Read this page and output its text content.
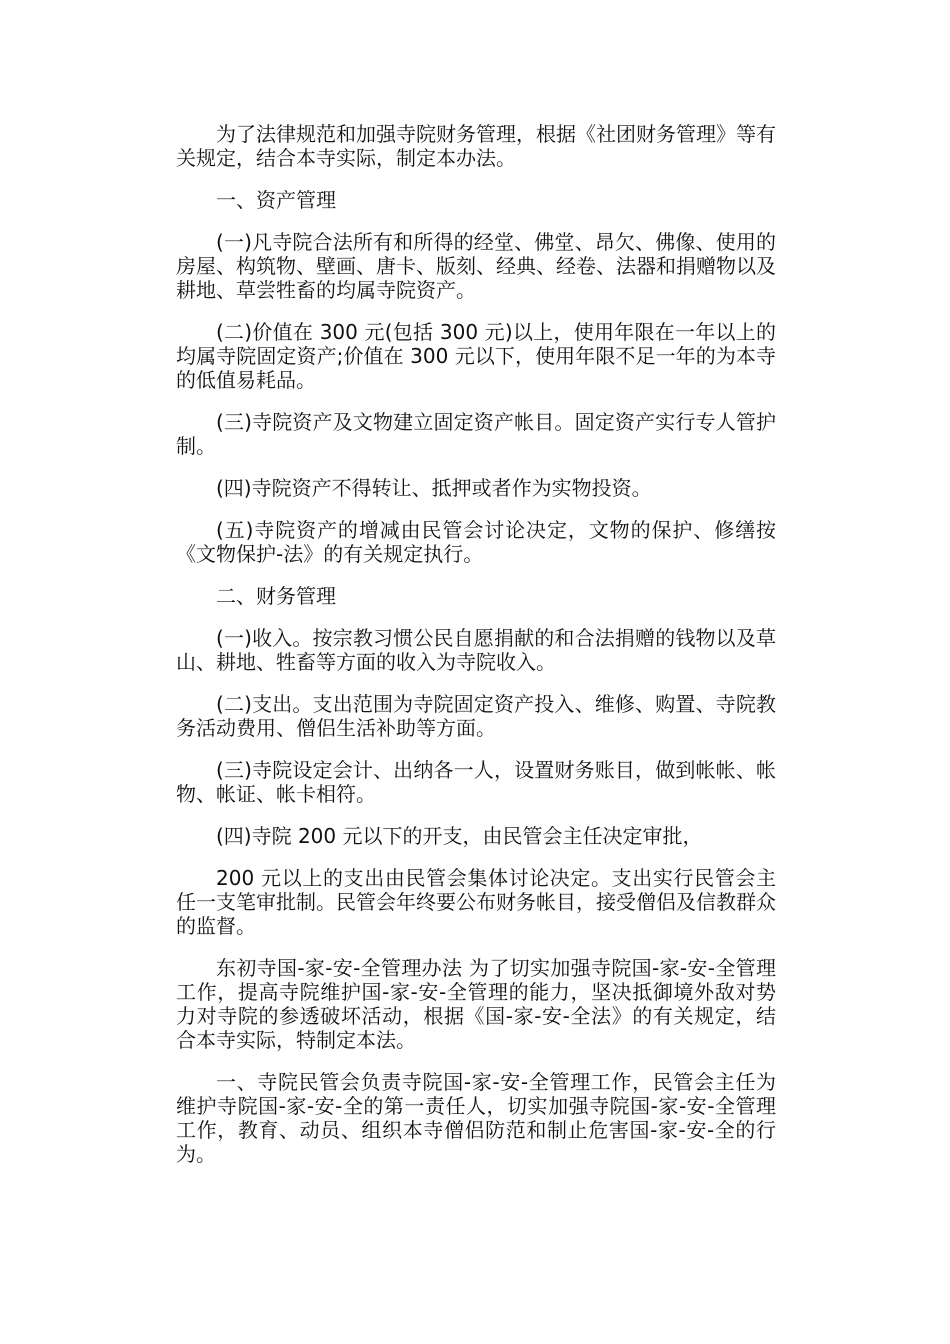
为了法律规范和加强寺院财务管理，根据《社团财务管理》等有关规定，结合本寺实际，制定本办法。

一、资产管理

(一)凡寺院合法所有和所得的经堂、佛堂、昂欠、佛像、使用的房屋、构筑物、壁画、唐卡、版刻、经典、经卷、法器和捐赠物以及耕地、草尝牲畜的均属寺院资产。

(二)价值在 300 元(包括 300 元)以上，使用年限在一年以上的均属寺院固定资产;价值在 300 元以下，使用年限不足一年的为本寺的低值易耗品。

(三)寺院资产及文物建立固定资产帐目。固定资产实行专人管护制。

(四)寺院资产不得转让、抵押或者作为实物投资。

(五)寺院资产的增减由民管会讨论决定，文物的保护、修缮按《文物保护-法》的有关规定执行。

二、财务管理

(一)收入。按宗教习惯公民自愿捐献的和合法捐赠的钱物以及草山、耕地、牲畜等方面的收入为寺院收入。

(二)支出。支出范围为寺院固定资产投入、维修、购置、寺院教务活动费用、僧侣生活补助等方面。

(三)寺院设定会计、出纳各一人，设置财务账目，做到帐帐、帐物、帐证、帐卡相符。

(四)寺院 200 元以下的开支，由民管会主任决定审批，

200 元以上的支出由民管会集体讨论决定。支出实行民管会主任一支笔审批制。民管会年终要公布财务帐目，接受僧侣及信教群众的监督。

东初寺国-家-安-全管理办法 为了切实加强寺院国-家-安-全管理工作，提高寺院维护国-家-安-全管理的能力，坚决抵御境外敌对势力对寺院的参透破坏活动，根据《国-家-安-全法》的有关规定，结合本寺实际，特制定本法。

一、寺院民管会负责寺院国-家-安-全管理工作，民管会主任为维护寺院国-家-安-全的第一责任人，切实加强寺院国-家-安-全管理工作，教育、动员、组织本寺僧侣防范和制止危害国-家-安-全的行为。
